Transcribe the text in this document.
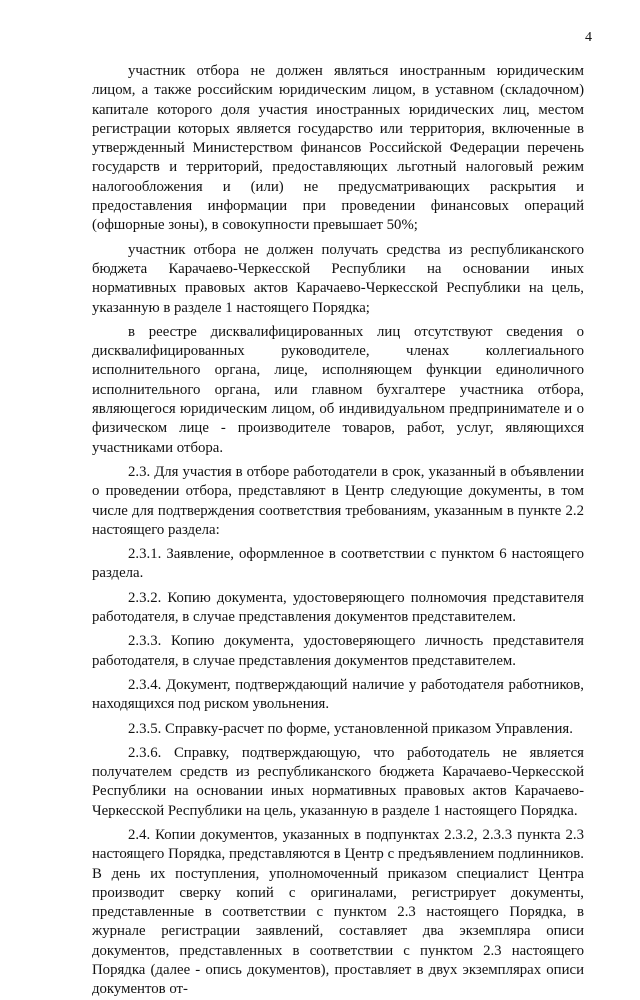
4

участник отбора не должен являться иностранным юридическим лицом, а также российским юридическим лицом, в уставном (складочном) капитале которого доля участия иностранных юридических лиц, местом регистрации которых является государство или территория, включенные в утвержденный Министерством финансов Российской Федерации перечень государств и территорий, предоставляющих льготный налоговый режим налогообложения и (или) не предусматривающих раскрытия и предоставления информации при проведении финансовых операций (офшорные зоны), в совокупности превышает 50%;

участник отбора не должен получать средства из республиканского бюджета Карачаево-Черкесской Республики на основании иных нормативных правовых актов Карачаево-Черкесской Республики на цель, указанную в разделе 1 настоящего Порядка;

в реестре дисквалифицированных лиц отсутствуют сведения о дисквалифицированных руководителе, членах коллегиального исполнительного органа, лице, исполняющем функции единоличного исполнительного органа, или главном бухгалтере участника отбора, являющегося юридическим лицом, об индивидуальном предпринимателе и о физическом лице - производителе товаров, работ, услуг, являющихся участниками отбора.

2.3. Для участия в отборе работодатели в срок, указанный в объявлении о проведении отбора, представляют в Центр следующие документы, в том числе для подтверждения соответствия требованиям, указанным в пункте 2.2 настоящего раздела:

2.3.1. Заявление, оформленное в соответствии с пунктом 6 настоящего раздела.

2.3.2. Копию документа, удостоверяющего полномочия представителя работодателя, в случае представления документов представителем.

2.3.3. Копию документа, удостоверяющего личность представителя работодателя, в случае представления документов представителем.

2.3.4. Документ, подтверждающий наличие у работодателя работников, находящихся под риском увольнения.

2.3.5. Справку-расчет по форме, установленной приказом Управления.

2.3.6. Справку, подтверждающую, что работодатель не является получателем средств из республиканского бюджета Карачаево-Черкесской Республики на основании иных нормативных правовых актов Карачаево-Черкесской Республики на цель, указанную в разделе 1 настоящего Порядка.

2.4. Копии документов, указанных в подпунктах 2.3.2, 2.3.3 пункта 2.3 настоящего Порядка, представляются в Центр с предъявлением подлинников. В день их поступления, уполномоченный приказом специалист Центра производит сверку копий с оригиналами, регистрирует документы, представленные в соответствии с пунктом 2.3 настоящего Порядка, в журнале регистрации заявлений, составляет два экземпляра описи документов, представленных в соответствии с пунктом 2.3 настоящего Порядка (далее - опись документов), проставляет в двух экземплярах описи документов от-
